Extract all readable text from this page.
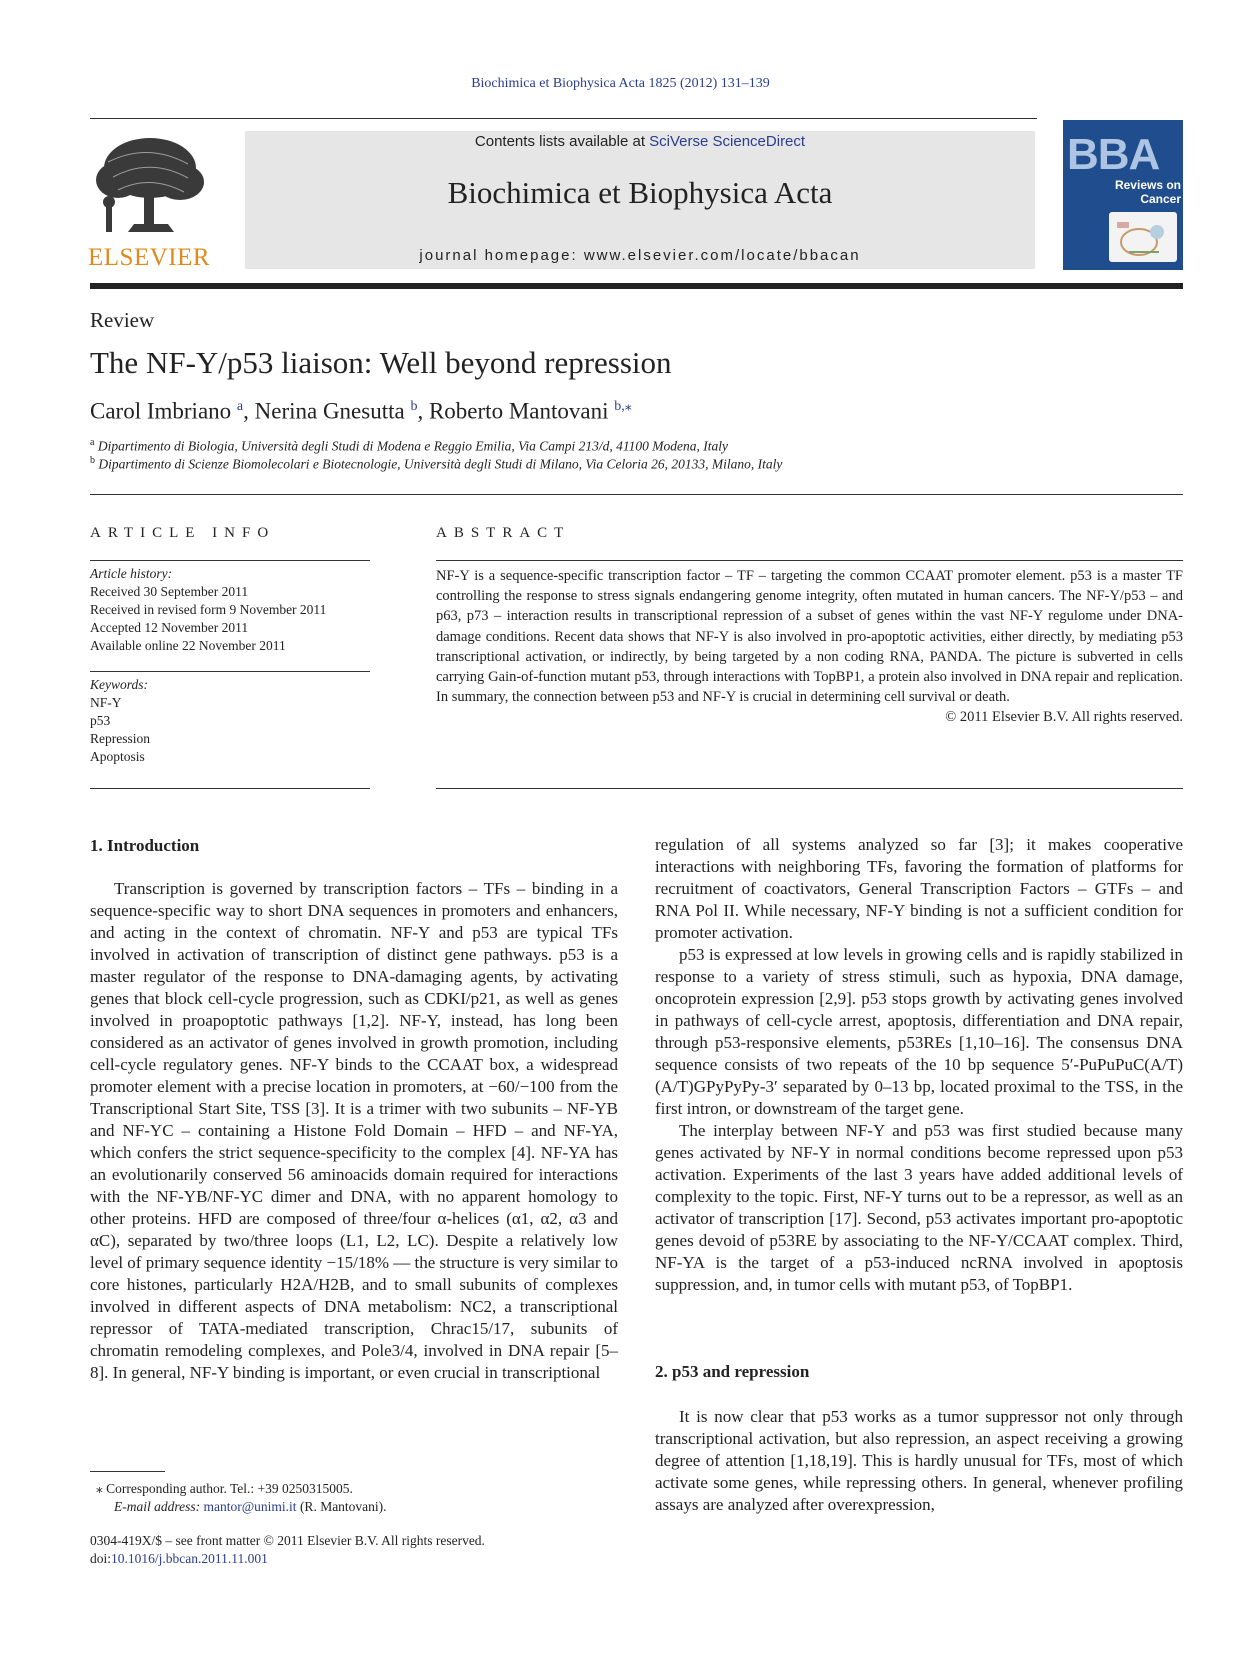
Biochimica et Biophysica Acta 1825 (2012) 131–139
ELSEVIER
Contents lists available at SciVerse ScienceDirect
Biochimica et Biophysica Acta
journal homepage: www.elsevier.com/locate/bbacan
BBA
Reviews on
Cancer
Review
The NF-Y/p53 liaison: Well beyond repression
Carol Imbriano $^a$, Nerina Gnesutta $^b$, Roberto Mantovani $^{b,⁎}$
$^a$ Dipartimento di Biologia, Università degli Studi di Modena e Reggio Emilia, Via Campi 213/d, 41100 Modena, Italy
$^b$ Dipartimento di Scienze Biomolecolari e Biotecnologie, Università degli Studi di Milano, Via Celoria 26, 20133, Milano, Italy
ARTICLE INFO	ABSTRACT
Article history:
Received 30 September 2011
Received in revised form 9 November 2011
Accepted 12 November 2011
Available online 22 November 2011
Keywords:
NF-Y
p53
Repression
Apoptosis
NF-Y is a sequence-specific transcription factor – TF – targeting the common CCAAT promoter element. p53 is a master TF controlling the response to stress signals endangering genome integrity, often mutated in human cancers. The NF-Y/p53 – and p63, p73 – interaction results in transcriptional repression of a subset of genes within the vast NF-Y regulome under DNA-damage conditions. Recent data shows that NF-Y is also involved in pro-apoptotic activities, either directly, by mediating p53 transcriptional activation, or indirectly, by being targeted by a non coding RNA, PANDA. The picture is subverted in cells carrying Gain-of-function mutant p53, through interactions with TopBP1, a protein also involved in DNA repair and replication. In summary, the connection between p53 and NF-Y is crucial in determining cell survival or death.
© 2011 Elsevier B.V. All rights reserved.
1. Introduction

Transcription is governed by transcription factors – TFs – binding in a sequence-specific way to short DNA sequences in promoters and enhancers, and acting in the context of chromatin. NF-Y and p53 are typical TFs involved in activation of transcription of distinct gene pathways. p53 is a master regulator of the response to DNA-damaging agents, by activating genes that block cell-cycle progression, such as CDKI/p21, as well as genes involved in proapoptotic pathways [1,2]. NF-Y, instead, has long been considered as an activator of genes involved in growth promotion, including cell-cycle regulatory genes. NF-Y binds to the CCAAT box, a widespread promoter element with a precise location in promoters, at −60/−100 from the Transcriptional Start Site, TSS [3]. It is a trimer with two subunits – NF-YB and NF-YC – containing a Histone Fold Domain – HFD – and NF-YA, which confers the strict sequence-specificity to the complex [4]. NF-YA has an evolutionarily conserved 56 aminoacids domain required for interactions with the NF-YB/NF-YC dimer and DNA, with no apparent homology to other proteins. HFD are composed of three/four α-helices (α1, α2, α3 and αC), separated by two/three loops (L1, L2, LC). Despite a relatively low level of primary sequence identity −15/18% — the structure is very similar to core histones, particularly H2A/H2B, and to small subunits of complexes involved in different aspects of DNA metabolism: NC2, a transcriptional repressor of TATA-mediated transcription, Chrac15/17, subunits of chromatin remodeling complexes, and Pole3/4, involved in DNA repair [5–8]. In general, NF-Y binding is important, or even crucial in transcriptional

regulation of all systems analyzed so far [3]; it makes cooperative interactions with neighboring TFs, favoring the formation of platforms for recruitment of coactivators, General Transcription Factors – GTFs – and RNA Pol II. While necessary, NF-Y binding is not a sufficient condition for promoter activation.

p53 is expressed at low levels in growing cells and is rapidly stabilized in response to a variety of stress stimuli, such as hypoxia, DNA damage, oncoprotein expression [2,9]. p53 stops growth by activating genes involved in pathways of cell-cycle arrest, apoptosis, differentiation and DNA repair, through p53-responsive elements, p53REs [1,10–16]. The consensus DNA sequence consists of two repeats of the 10 bp sequence 5′-PuPuPuC(A/T)(A/T)GPyPyPy-3′ separated by 0–13 bp, located proximal to the TSS, in the first intron, or downstream of the target gene.

The interplay between NF-Y and p53 was first studied because many genes activated by NF-Y in normal conditions become repressed upon p53 activation. Experiments of the last 3 years have added additional levels of complexity to the topic. First, NF-Y turns out to be a repressor, as well as an activator of transcription [17]. Second, p53 activates important pro-apoptotic genes devoid of p53RE by associating to the NF-Y/CCAAT complex. Third, NF-YA is the target of a p53-induced ncRNA involved in apoptosis suppression, and, in tumor cells with mutant p53, of TopBP1.

2. p53 and repression

It is now clear that p53 works as a tumor suppressor not only through transcriptional activation, but also repression, an aspect receiving a growing degree of attention [1,18,19]. This is hardly unusual for TFs, most of which activate some genes, while repressing others. In general, whenever profiling assays are analyzed after overexpression,

⁎ Corresponding author. Tel.: +39 0250315005.
E-mail address: mantor@unimi.it (R. Mantovani).
0304-419X/$ – see front matter © 2011 Elsevier B.V. All rights reserved.
doi:10.1016/j.bbcan.2011.11.001
